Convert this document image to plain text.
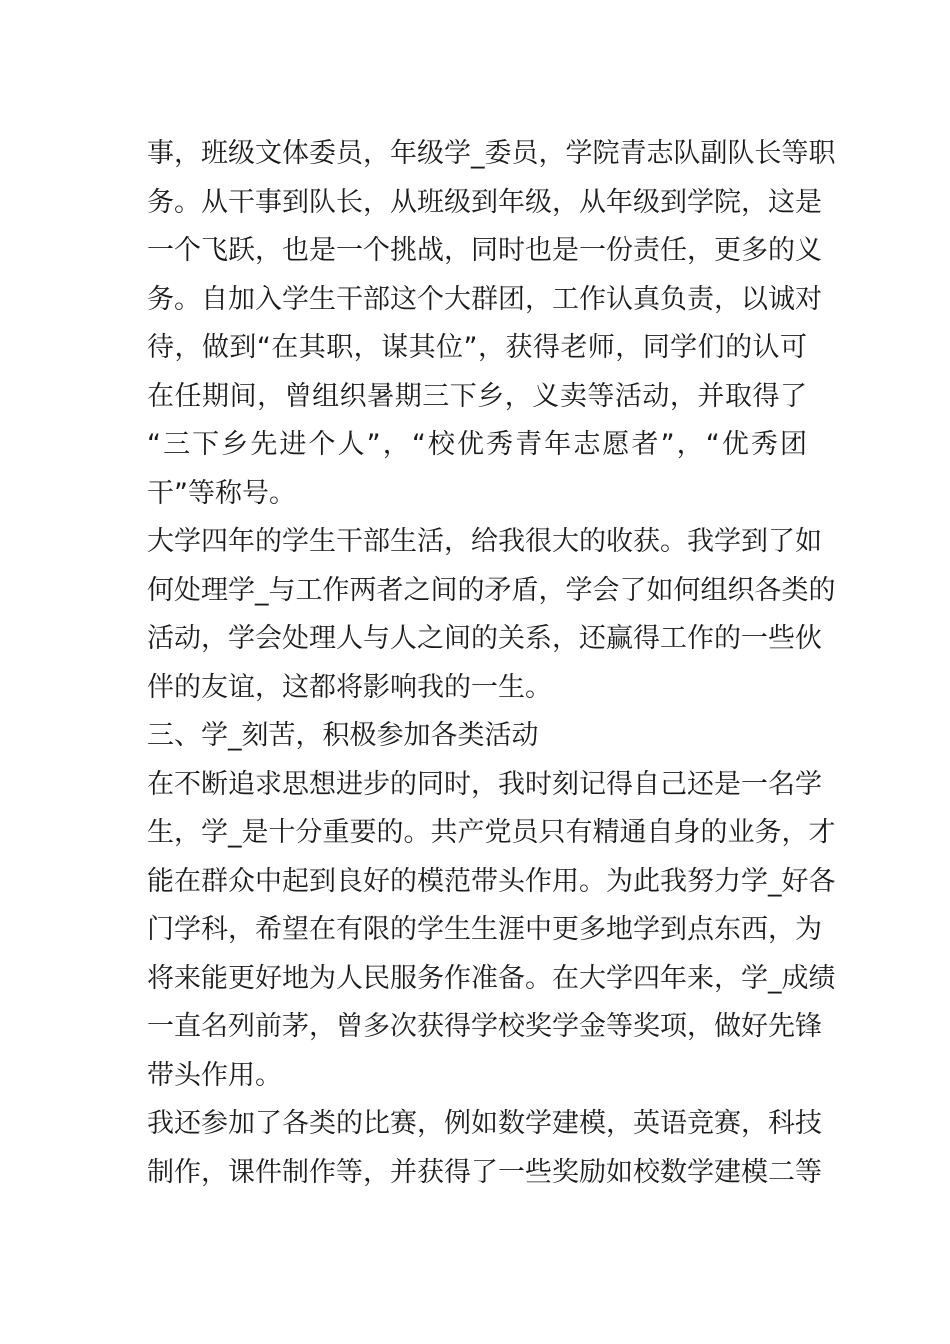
事，班级文体委员，年级学_委员，学院青志队副队长等职
务。从干事到队长，从班级到年级，从年级到学院，这是
一个飞跃，也是一个挑战，同时也是一份责任，更多的义
务。自加入学生干部这个大群团，工作认真负责，以诚对
待，做到“在其职，谋其位”，获得老师，同学们的认可
在任期间，曾组织暑期三下乡，义卖等活动，并取得了
“三下乡先进个人”，“校优秀青年志愿者”，“优秀团
干”等称号。
大学四年的学生干部生活，给我很大的收获。我学到了如
何处理学_与工作两者之间的矛盾，学会了如何组织各类的
活动，学会处理人与人之间的关系，还赢得工作的一些伙
伴的友谊，这都将影响我的一生。
三、学_刻苦，积极参加各类活动
在不断追求思想进步的同时，我时刻记得自己还是一名学
生，学_是十分重要的。共产党员只有精通自身的业务，才
能在群众中起到良好的模范带头作用。为此我努力学_好各
门学科，希望在有限的学生生涯中更多地学到点东西，为
将来能更好地为人民服务作准备。在大学四年来，学_成绩
一直名列前茅，曾多次获得学校奖学金等奖项，做好先锋
带头作用。
我还参加了各类的比赛，例如数学建模，英语竞赛，科技
制作，课件制作等，并获得了一些奖励如校数学建模二等
